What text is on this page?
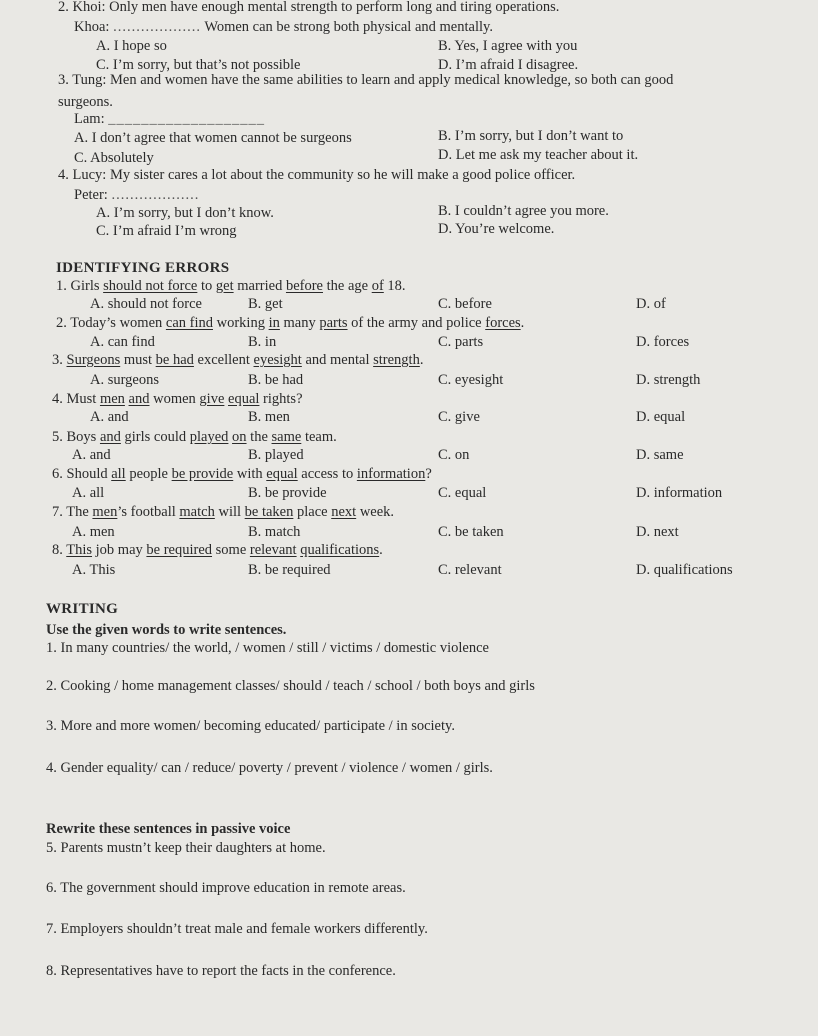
2. Khoi: Only men have enough mental strength to perform long and tiring operations.
Khoa: ................... Women can be strong both physical and mentally.
A. I hope so	B. Yes, I agree with you
C. I’m sorry, but that’s not possible	D. I’m afraid I disagree.
3. Tung: Men and women have the same abilities to learn and apply medical knowledge, so both can good
surgeons.
Lam: ___________________
A. I don’t agree that women cannot be surgeons	B. I’m sorry, but I don’t want to
C. Absolutely	D. Let me ask my teacher about it.
4. Lucy: My sister cares a lot about the community so he will make a good police officer.
Peter: ...................
A. I’m sorry, but I don’t know.	B. I couldn’t agree you more.
C. I’m afraid I’m wrong	D. You’re welcome.
IDENTIFYING ERRORS
1. Girls should not force to get married before the age of 18.
A. should not force	B. get	C. before	D. of
2. Today’s women can find working in many parts of the army and police forces.
A. can find	B. in	C. parts	D. forces
3. Surgeons must be had excellent eyesight and mental strength.
A. surgeons	B. be had	C. eyesight	D. strength
4. Must men and women give equal rights?
A. and	B. men	C. give	D. equal
5. Boys and girls could played on the same team.
A. and	B. played	C. on	D. same
6. Should all people be provide with equal access to information?
A. all	B. be provide	C. equal	D. information
7. The men’s football match will be taken place next week.
A. men	B. match	C. be taken	D. next
8. This job may be required some relevant qualifications.
A. This	B. be required	C. relevant	D. qualifications
WRITING
Use the given words to write sentences.
1. In many countries/ the world, / women / still / victims / domestic violence
2. Cooking / home management classes/ should / teach / school / both boys and girls
3. More and more women/ becoming educated/ participate / in society.
4. Gender equality/ can / reduce/ poverty / prevent / violence / women / girls.
Rewrite these sentences in passive voice
5. Parents mustn’t keep their daughters at home.
6. The government should improve education in remote areas.
7. Employers shouldn’t treat male and female workers differently.
8. Representatives have to report the facts in the conference.
